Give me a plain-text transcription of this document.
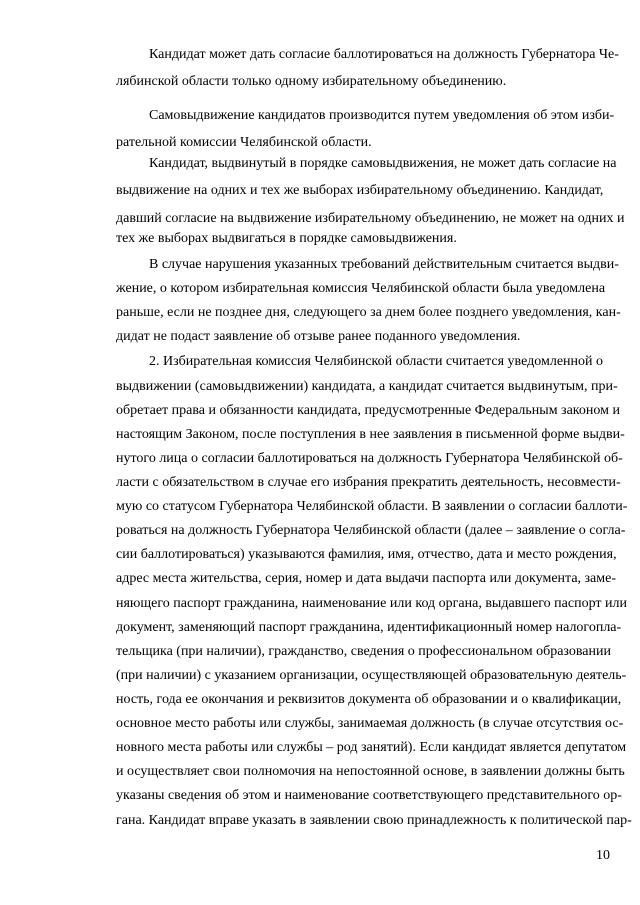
Кандидат может дать согласие баллотироваться на должность Губернатора Че-
лябинской области только одному избирательному объединению.
Самовыдвижение кандидатов производится путем уведомления об этом изби-
рательной комиссии Челябинской области.
Кандидат, выдвинутый в порядке самовыдвижения, не может дать согласие на
выдвижение на одних и тех же выборах избирательному объединению. Кандидат,
давший согласие на выдвижение избирательному объединению, не может на одних и
тех же выборах выдвигаться в порядке самовыдвижения.
В случае нарушения указанных требований действительным считается выдви-
жение, о котором избирательная комиссия Челябинской области была уведомлена
раньше, если не позднее дня, следующего за днем более позднего уведомления, кан-
дидат не подаст заявление об отзыве ранее поданного уведомления.
2. Избирательная комиссия Челябинской области считается уведомленной о
выдвижении (самовыдвижении) кандидата, а кандидат считается выдвинутым, при-
обретает права и обязанности кандидата, предусмотренные Федеральным законом и
настоящим Законом, после поступления в нее заявления в письменной форме выдви-
нутого лица о согласии баллотироваться на должность Губернатора Челябинской об-
ласти с обязательством в случае его избрания прекратить деятельность, несовмести-
мую со статусом Губернатора Челябинской области. В заявлении о согласии баллоти-
роваться на должность Губернатора Челябинской области (далее – заявление о согла-
сии баллотироваться) указываются фамилия, имя, отчество, дата и место рождения,
адрес места жительства, серия, номер и дата выдачи паспорта или документа, заме-
няющего паспорт гражданина, наименование или код органа, выдавшего паспорт или
документ, заменяющий паспорт гражданина, идентификационный номер налогопла-
тельщика (при наличии), гражданство, сведения о профессиональном образовании
(при наличии) с указанием организации, осуществляющей образовательную деятель-
ность, года ее окончания и реквизитов документа об образовании и о квалификации,
основное место работы или службы, занимаемая должность (в случае отсутствия ос-
новного места работы или службы – род занятий). Если кандидат является депутатом
и осуществляет свои полномочия на непостоянной основе, в заявлении должны быть
указаны сведения об этом и наименование соответствующего представительного ор-
гана. Кандидат вправе указать в заявлении свою принадлежность к политической пар-
10
